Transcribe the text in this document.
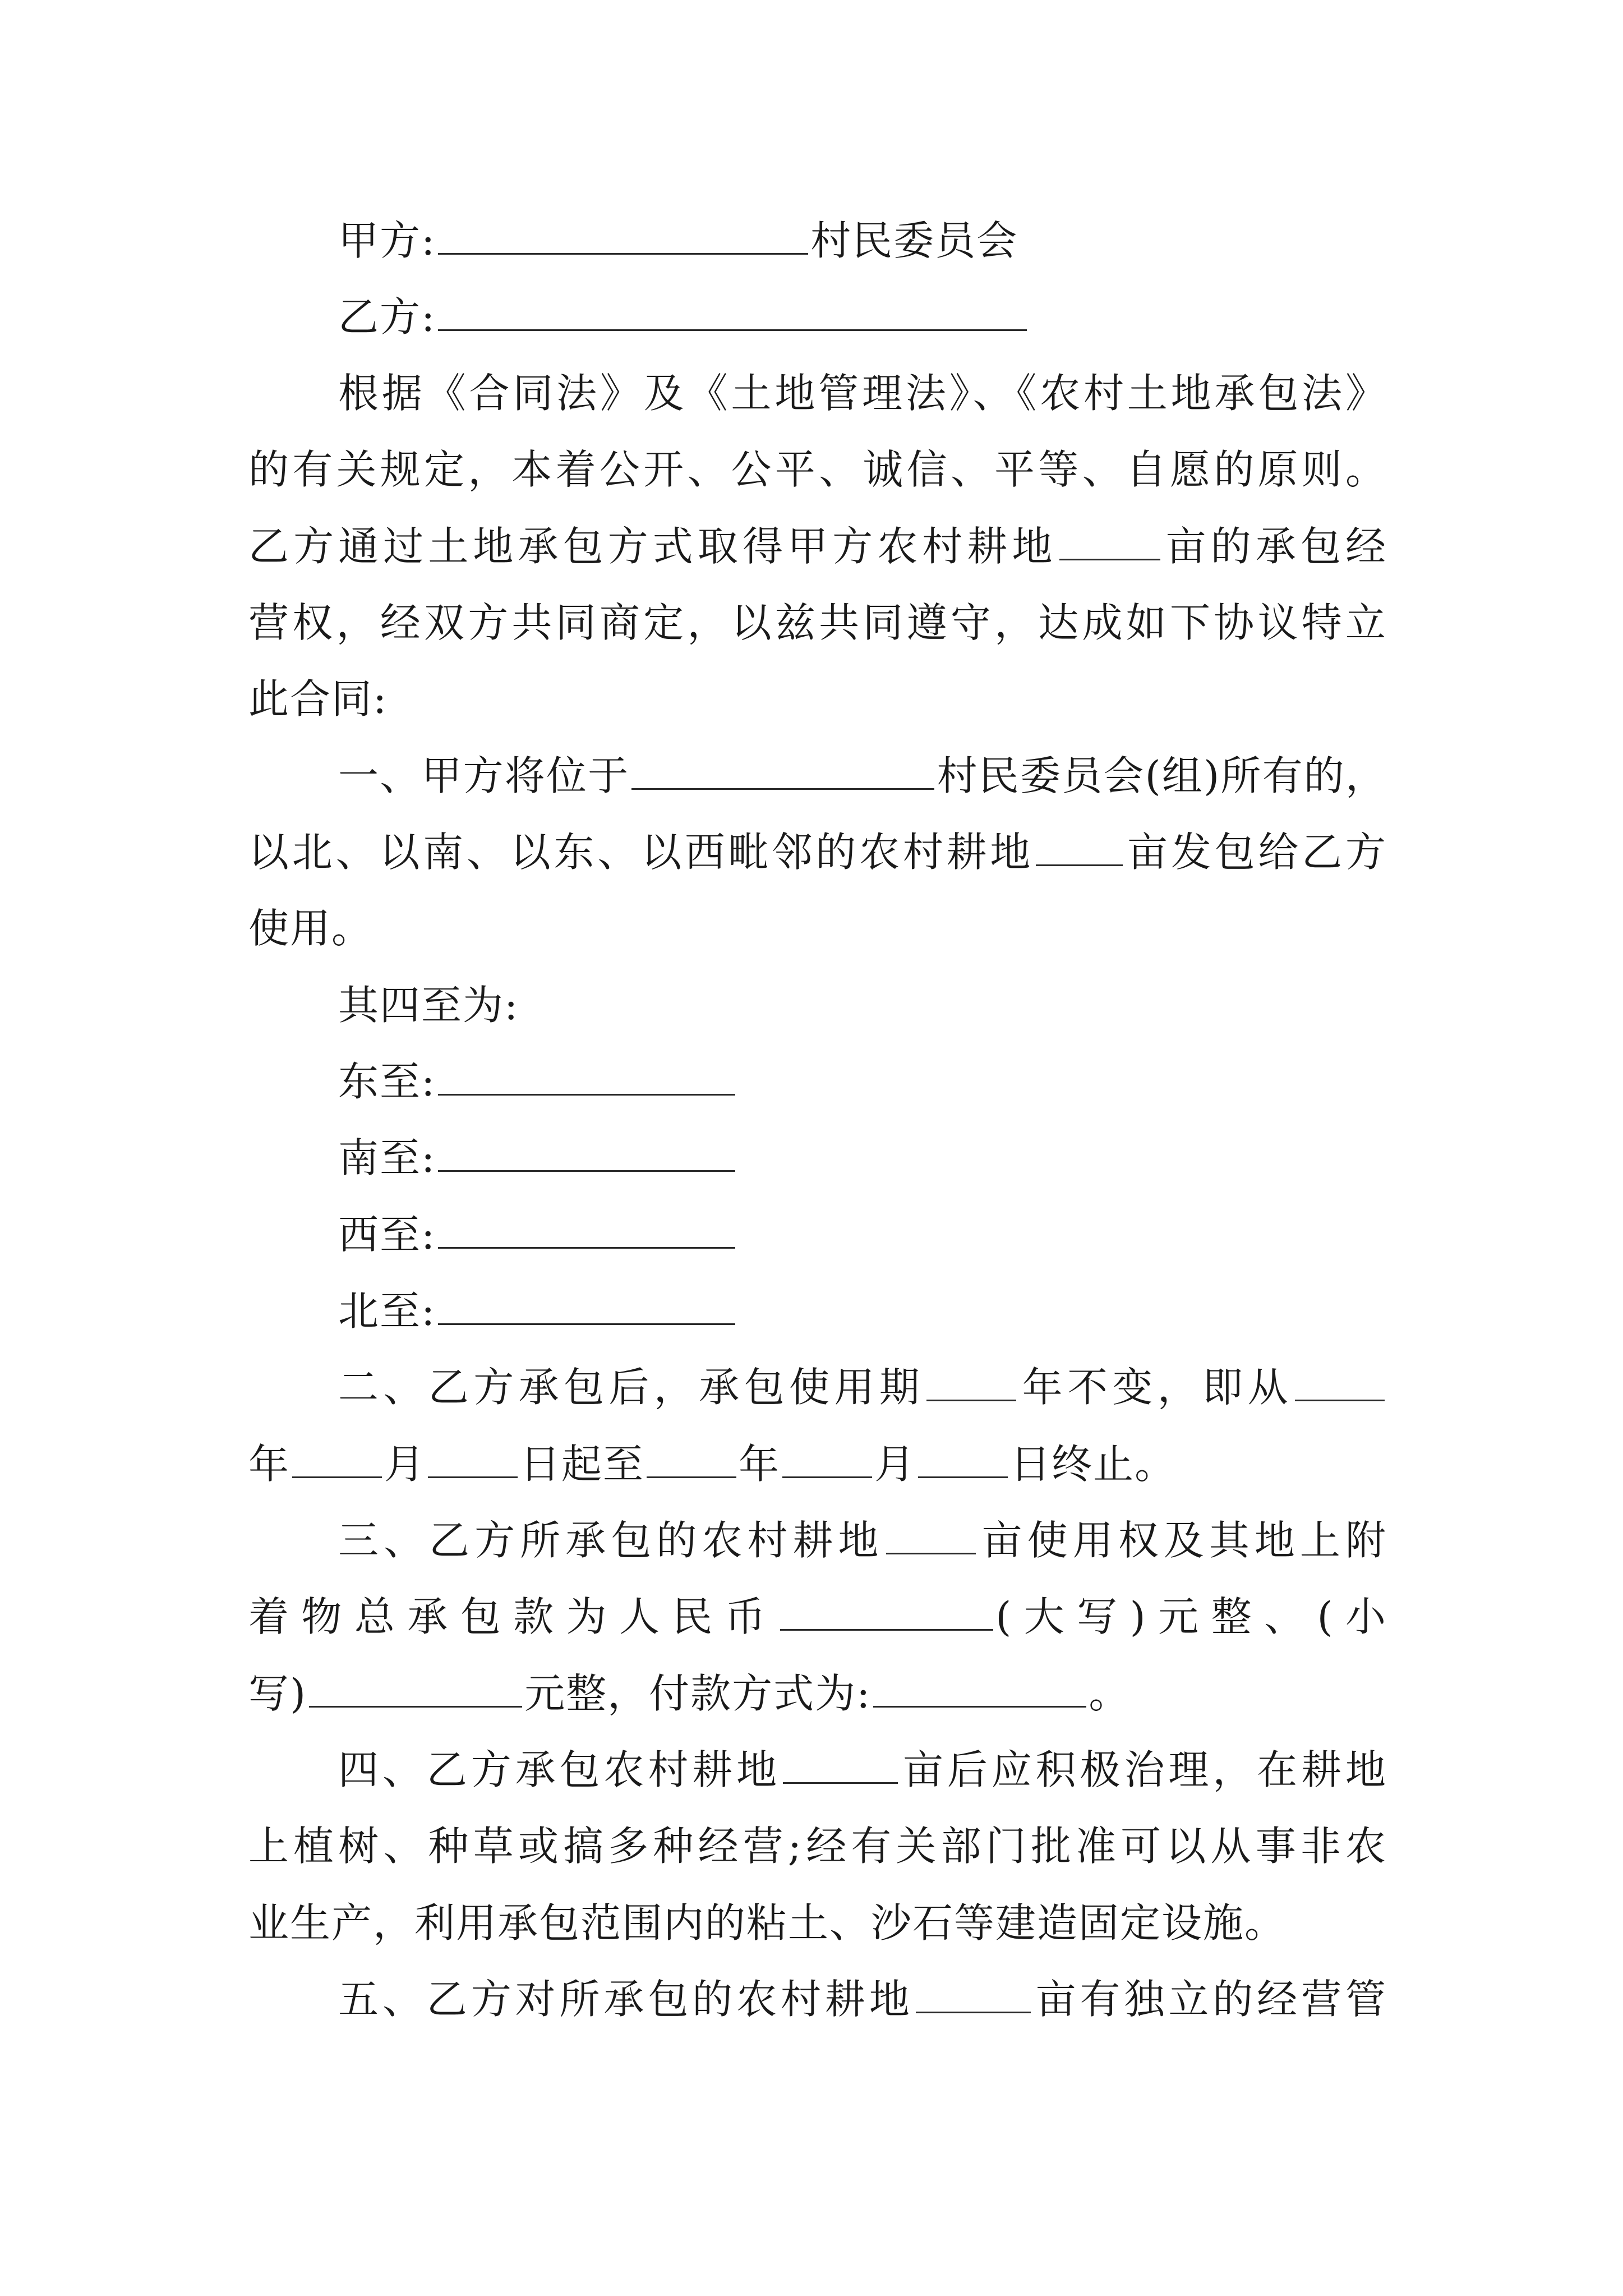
甲方:	村民委员会
乙方:
根据《合同法》及《土地管理法》、《农村土地承包法》
的有关规定，本着公开、公平、诚信、平等、自愿的原则。
乙方通过土地承包方式取得甲方农村耕地	亩的承包经
营权，经双方共同商定，以兹共同遵守，达成如下协议特立
此合同:
一、甲方将位于	村民委员会(组)所有的，
以北、以南、以东、以西毗邻的农村耕地 亩发包给乙方
使用。
其四至为:
东至:
南至:
西至:
北至:
二、乙方承包后，承包使用期 年不变，即从
年 月 日起至 年 月 日终止。
三、乙方所承包的农村耕地 亩使用权及其地上附
着物总承包款为人民币	(大写)元整、(小
写)	元整，付款方式为:	。
四、乙方承包农村耕地	亩后应积极治理，在耕地
上植树、种草或搞多种经营;经有关部门批准可以从事非农
业生产，利用承包范围内的粘土、沙石等建造固定设施。
五、乙方对所承包的农村耕地	亩有独立的经营管
